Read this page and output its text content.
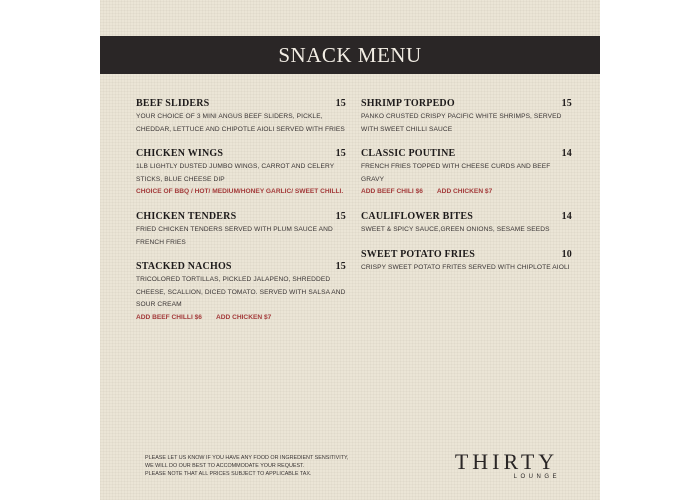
SNACK MENU
BEEF SLIDERS	15
YOUR CHOICE OF 3 MINI ANGUS BEEF SLIDERS, PICKLE, CHEDDAR, LETTUCE AND CHIPOTLE AIOLI SERVED WITH FRIES
CHICKEN WINGS	15
1LB LIGHTLY DUSTED JUMBO WINGS, CARROT AND CELERY STICKS, BLUE CHEESE DIP
CHOICE OF BBQ / HOT/ MEDIUM/HONEY GARLIC/ SWEET CHILLI.
CHICKEN TENDERS	15
FRIED CHICKEN TENDERS SERVED WITH PLUM SAUCE AND FRENCH FRIES
STACKED NACHOS	15
TRICOLORED TORTILLAS, PICKLED JALAPENO, SHREDDED CHEESE, SCALLION, DICED TOMATO. SERVED WITH SALSA AND SOUR CREAM
ADD BEEF CHILLI $6 ADD CHICKEN $7
SHRIMP TORPEDO	15
PANKO CRUSTED CRISPY PACIFIC WHITE SHRIMPS, SERVED WITH SWEET CHILLI SAUCE
CLASSIC POUTINE	14
FRENCH FRIES TOPPED WITH CHEESE CURDS AND BEEF GRAVY
ADD BEEF CHILI $6 ADD CHICKEN $7
CAULIFLOWER BITES	14
SWEET & SPICY SAUCE,GREEN ONIONS, SESAME SEEDS
SWEET POTATO FRIES	10
CRISPY SWEET POTATO FRITES SERVED WITH CHIPLOTE AIOLI
PLEASE LET US KNOW IF YOU HAVE ANY FOOD OR INGREDIENT SENSITIVITY,
WE WILL DO OUR BEST TO ACCOMMODATE YOUR REQUEST.
PLEASE NOTE THAT ALL PRICES SUBJECT TO APPLICABLE TAX.
THIRTY
LOUNGE
